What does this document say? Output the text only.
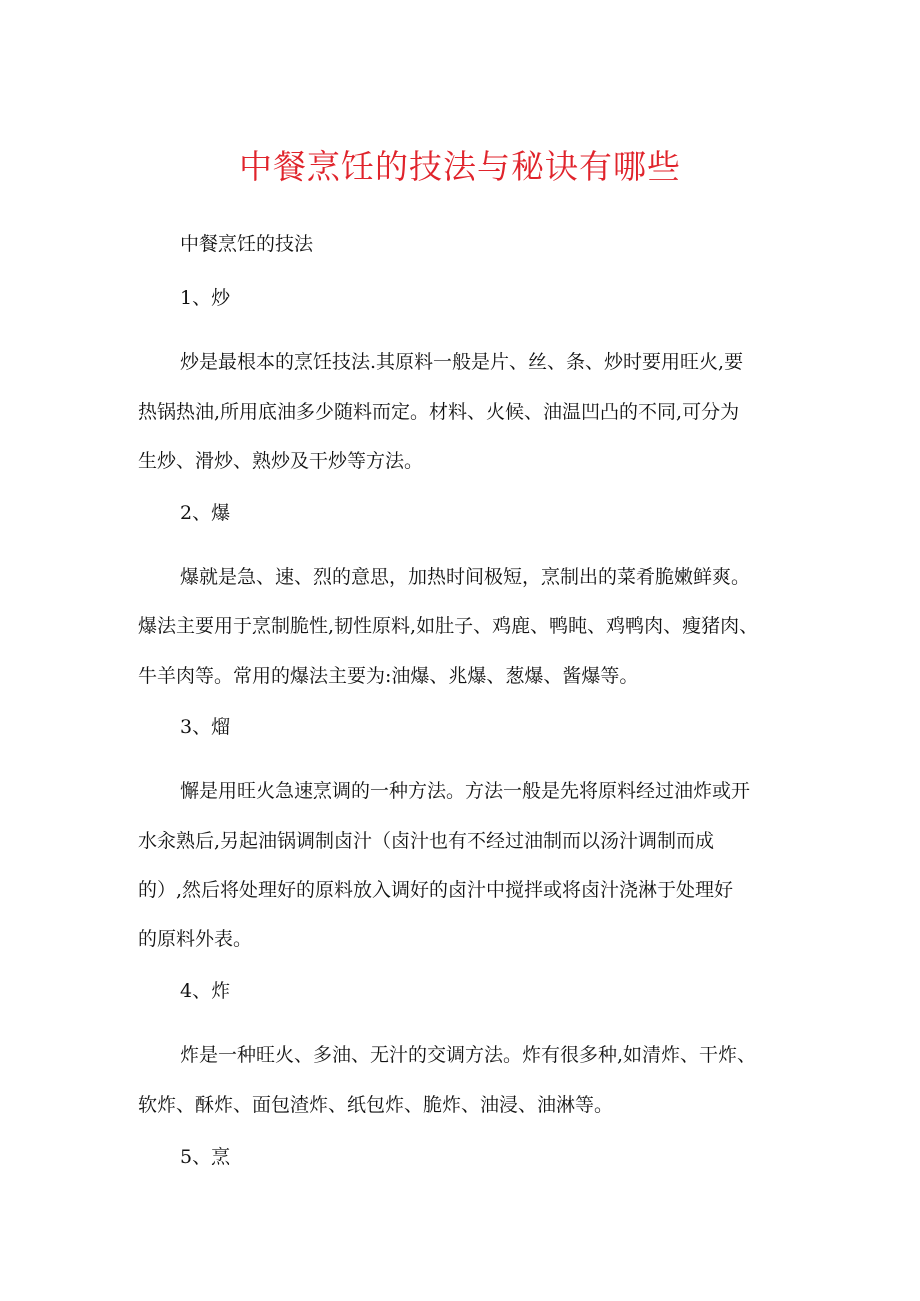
中餐烹饪的技法与秘诀有哪些

中餐烹饪的技法

1、炒

炒是最根本的烹饪技法.其原料一般是片、丝、条、炒时要用旺火,要

热锅热油,所用底油多少随料而定。材料、火候、油温凹凸的不同,可分为

生炒、滑炒、熟炒及干炒等方法。

2、爆

爆就是急、速、烈的意思，加热时间极短，烹制出的菜肴脆嫩鲜爽。

爆法主要用于烹制脆性,韧性原料,如肚子、鸡鹿、鸭盹、鸡鸭肉、瘦猪肉、

牛羊肉等。常用的爆法主要为:油爆、兆爆、葱爆、酱爆等。

3、熘

懈是用旺火急速烹调的一种方法。方法一般是先将原料经过油炸或开

水汆熟后,另起油锅调制卤汁（卤汁也有不经过油制而以汤汁调制而成

的）,然后将处理好的原料放入调好的卤汁中搅拌或将卤汁浇淋于处理好

的原料外表。

4、炸

炸是一种旺火、多油、无汁的交调方法。炸有很多种,如清炸、干炸、

软炸、酥炸、面包渣炸、纸包炸、脆炸、油浸、油淋等。

5、烹
